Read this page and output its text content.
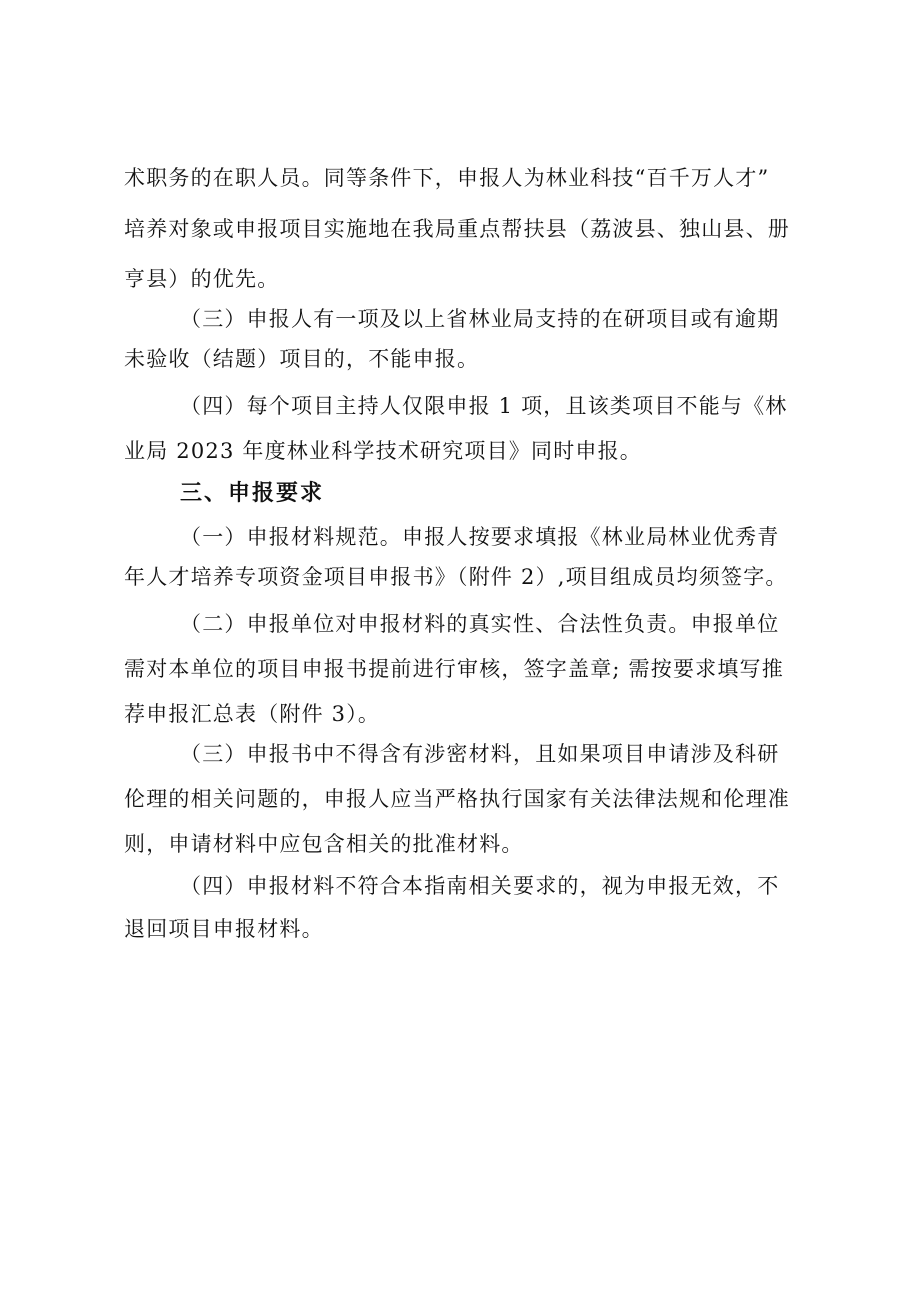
术职务的在职人员。同等条件下，申报人为林业科技“百千万人才”
培养对象或申报项目实施地在我局重点帮扶县（荔波县、独山县、册
亨县）的优先。
（三）申报人有一项及以上省林业局支持的在研项目或有逾期
未验收（结题）项目的，不能申报。
（四）每个项目主持人仅限申报 1 项，且该类项目不能与《林
业局 2023 年度林业科学技术研究项目》同时申报。
三、申报要求
（一）申报材料规范。申报人按要求填报《林业局林业优秀青
年人才培养专项资金项目申报书》（附件 2）,项目组成员均须签字。
（二）申报单位对申报材料的真实性、合法性负责。申报单位
需对本单位的项目申报书提前进行审核，签字盖章; 需按要求填写推
荐申报汇总表（附件 3）。
（三）申报书中不得含有涉密材料，且如果项目申请涉及科研
伦理的相关问题的，申报人应当严格执行国家有关法律法规和伦理准
则，申请材料中应包含相关的批准材料。
（四）申报材料不符合本指南相关要求的，视为申报无效，不
退回项目申报材料。
